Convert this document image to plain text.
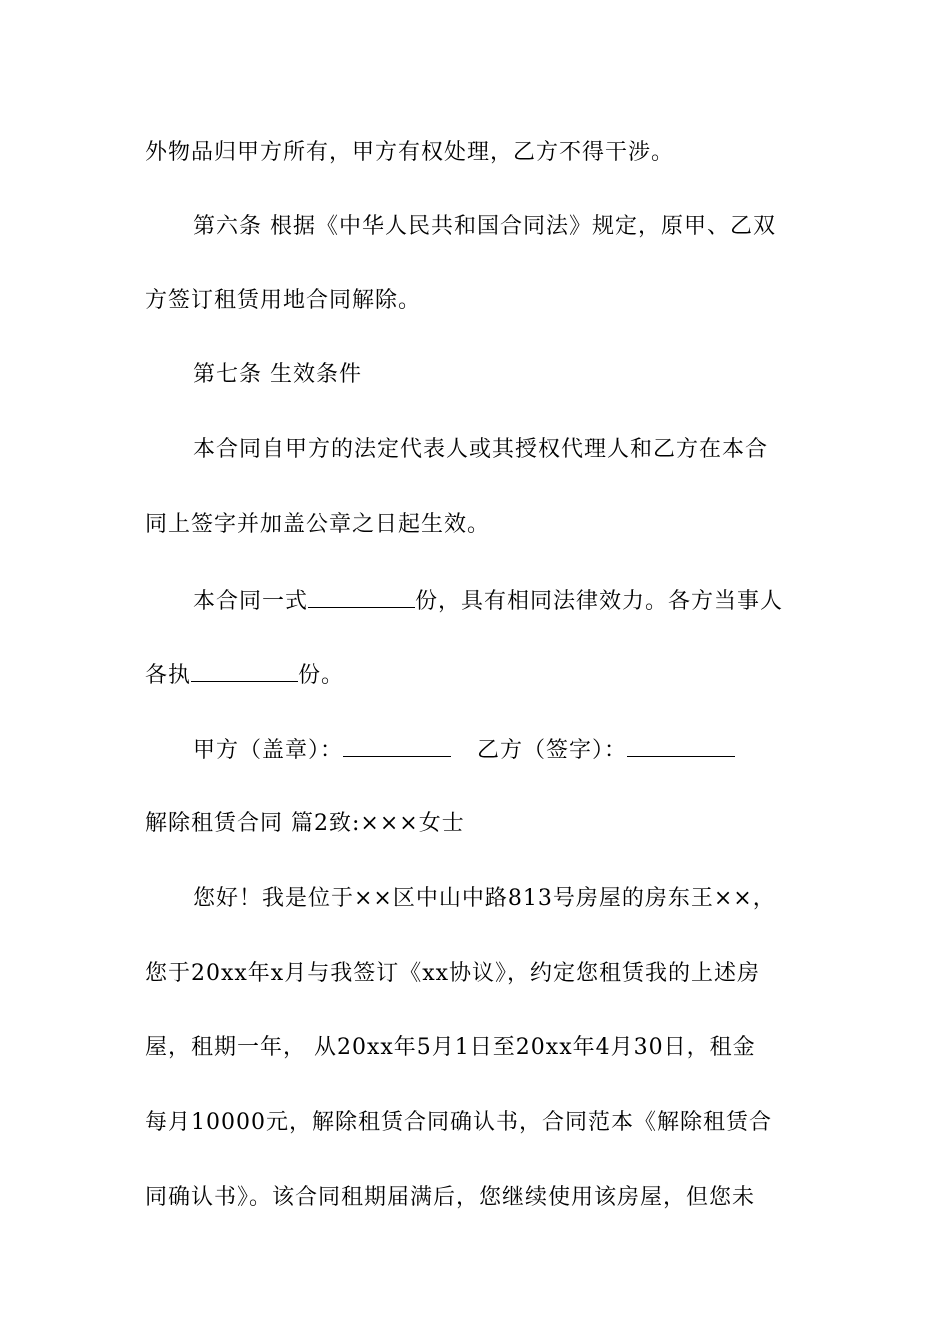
外物品归甲方所有，甲方有权处理，乙方不得干涉。
第六条 根据《中华人民共和国合同法》规定，原甲、乙双
方签订租赁用地合同解除。
第七条 生效条件
本合同自甲方的法定代表人或其授权代理人和乙方在本合
同上签字并加盖公章之日起生效。
本合同一式	份，具有相同法律效力。各方当事人
各执	份。
甲方（盖章）：	乙方（签字）：
解除租赁合同 篇2致:×××女士
您好！我是位于××区中山中路813号房屋的房东王××，
您于20xx年x月与我签订《xx协议》，约定您租赁我的上述房
屋，租期一年， 从20xx年5月1日至20xx年4月30日，租金
每月10000元，解除租赁合同确认书，合同范本《解除租赁合
同确认书》。该合同租期届满后，您继续使用该房屋，但您未
